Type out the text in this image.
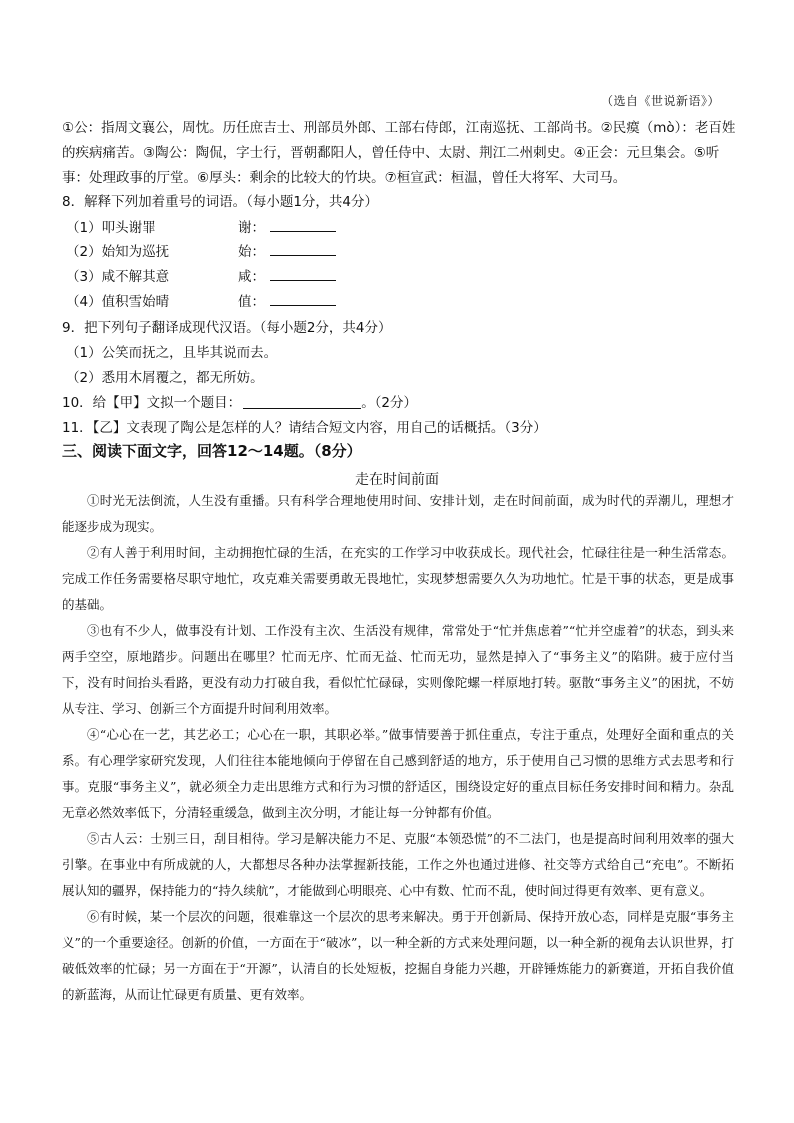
（选自《世说新语》）
①公：指周文襄公，周忱。历任庶吉士、刑部员外郎、工部右侍郎，江南巡抚、工部尚书。②民瘼（mò）：老百姓的疾病痛苦。③陶公：陶侃，字士行，晋朝鄱阳人，曾任侍中、太尉、荆江二州刺史。④正会：元旦集会。⑤听事：处理政事的厅堂。⑥厚头：剩余的比较大的竹块。⑦桓宣武：桓温，曾任大将军、大司马。
8．解释下列加着重号的词语。（每小题1分，共4分）
（1）叩头谢罪	谢：
（2）始知为巡抚	始：
（3）咸不解其意	咸：
（4）值积雪始晴	值：
9．把下列句子翻译成现代汉语。（每小题2分，共4分）
（1）公笑而抚之，且毕其说而去。
（2）悉用木屑覆之，都无所妨。
10．给【甲】文拟一个题目：	。（2分）
11．【乙】文表现了陶公是怎样的人？请结合短文内容，用自己的话概括。（3分）
三、阅读下面文字，回答12～14题。（8分）
走在时间前面

①时光无法倒流，人生没有重播。只有科学合理地使用时间、安排计划，走在时间前面，成为时代的弄潮儿，理想才能逐步成为现实。

②有人善于利用时间，主动拥抱忙碌的生活，在充实的工作学习中收获成长。现代社会，忙碌往往是一种生活常态。完成工作任务需要格尽职守地忙，攻克难关需要勇敢无畏地忙，实现梦想需要久久为功地忙。忙是干事的状态，更是成事的基础。

③也有不少人，做事没有计划、工作没有主次、生活没有规律，常常处于“忙并焦虑着”“忙并空虚着”的状态，到头来两手空空，原地踏步。问题出在哪里？忙而无序、忙而无益、忙而无功，显然是掉入了“事务主义”的陷阱。疲于应付当下，没有时间抬头看路，更没有动力打破自我，看似忙忙碌碌，实则像陀螺一样原地打转。驱散“事务主义”的困扰，不妨从专注、学习、创新三个方面提升时间利用效率。

④“心心在一艺，其艺必工；心心在一职，其职必举。”做事情要善于抓住重点，专注于重点，处理好全面和重点的关系。有心理学家研究发现，人们往往本能地倾向于停留在自己感到舒适的地方，乐于使用自己习惯的思维方式去思考和行事。克服“事务主义”，就必须全力走出思维方式和行为习惯的舒适区，围绕设定好的重点目标任务安排时间和精力。杂乱无章必然效率低下，分清轻重缓急，做到主次分明，才能让每一分钟都有价值。

⑤古人云：士别三日，刮目相待。学习是解决能力不足、克服“本领恐慌”的不二法门，也是提高时间利用效率的强大引擎。在事业中有所成就的人，大都想尽各种办法掌握新技能，工作之外也通过进修、社交等方式给自己“充电”。不断拓展认知的疆界，保持能力的“持久续航”，才能做到心明眼亮、心中有数、忙而不乱，使时间过得更有效率、更有意义。

⑥有时候，某一个层次的问题，很难靠这一个层次的思考来解决。勇于开创新局、保持开放心态，同样是克服“事务主义”的一个重要途径。创新的价值，一方面在于“破冰”，以一种全新的方式来处理问题，以一种全新的视角去认识世界，打破低效率的忙碌；另一方面在于“开源”，认清自的长处短板，挖掘自身能力兴趣，开辟锤炼能力的新赛道，开拓自我价值的新蓝海，从而让忙碌更有质量、更有效率。
